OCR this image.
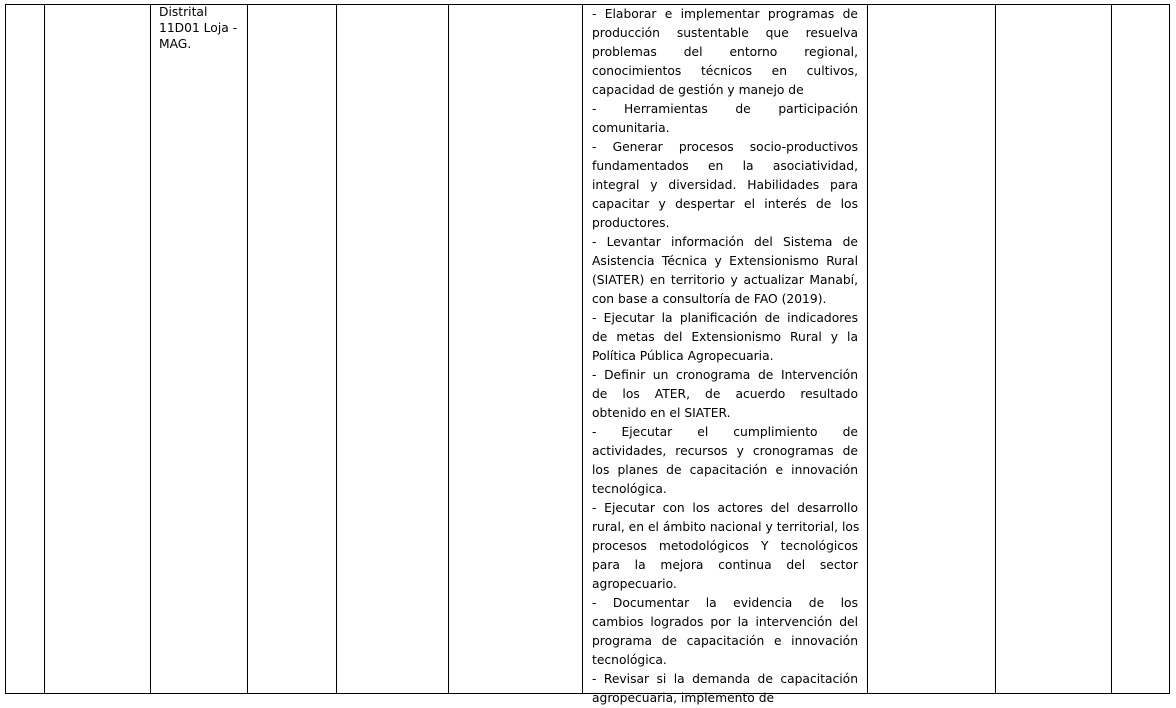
Distrital
11D01 Loja -
MAG.

- Elaborar e implementar programas de
producción sustentable que resuelva
problemas del entorno regional,
conocimientos técnicos en cultivos,
capacidad de gestión y manejo de

- Herramientas de participación
comunitaria.

- Generar procesos socio-productivos
fundamentados en la asociatividad,
integral y diversidad. Habilidades para
capacitar y despertar el interés de los
productores.

- Levantar información del Sistema de
Asistencia Técnica y Extensionismo Rural
(SIATER) en territorio y actualizar Manabí,
con base a consultoría de FAO (2019).

- Ejecutar la planificación de indicadores
de metas del Extensionismo Rural y la
Política Pública Agropecuaria.

- Definir un cronograma de Intervención
de los ATER, de acuerdo resultado
obtenido en el SIATER.

- Ejecutar el cumplimiento de
actividades, recursos y cronogramas de
los planes de capacitación e innovación
tecnológica.

- Ejecutar con los actores del desarrollo
rural, en el ámbito nacional y territorial, los
procesos metodológicos Y tecnológicos
para la mejora continua del sector
agropecuario.

- Documentar la evidencia de los
cambios logrados por la intervención del
programa de capacitación e innovación
tecnológica.

- Revisar si la demanda de capacitación
agropecuaria, implemento de
